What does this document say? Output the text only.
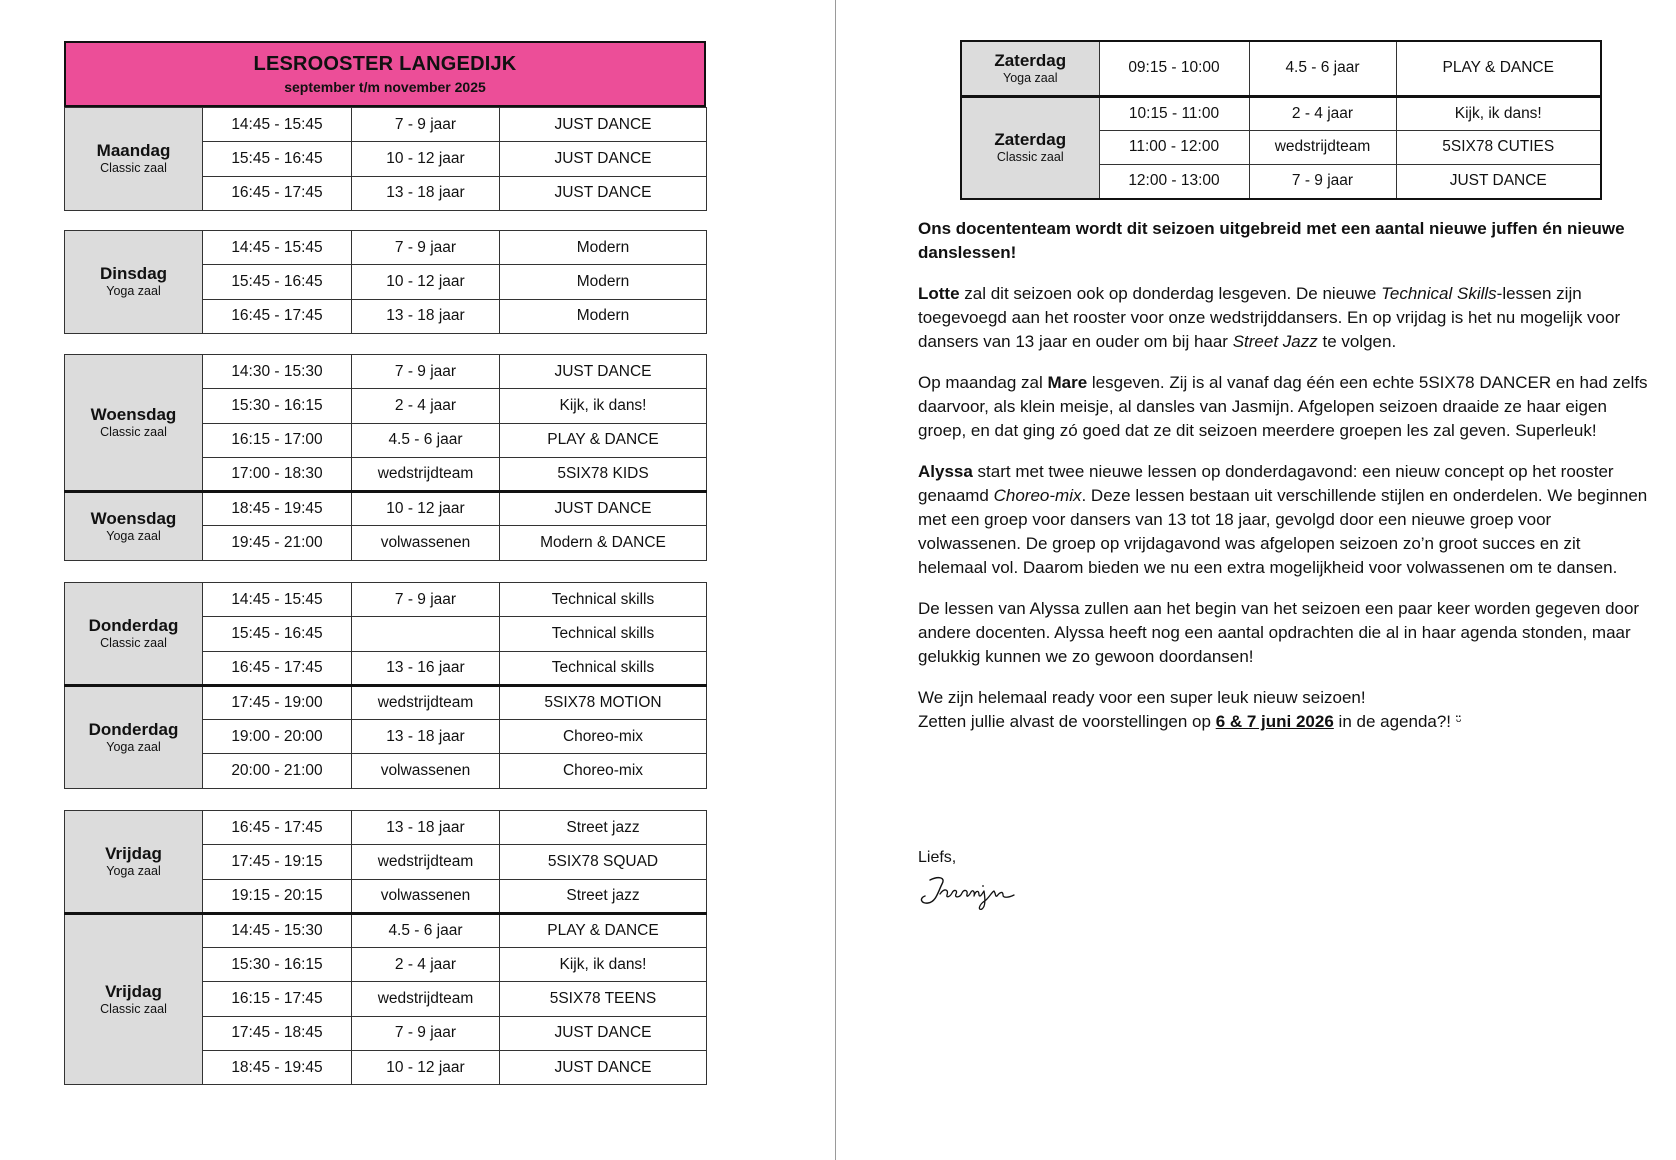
LESROOSTER LANGEDIJK
september t/m november 2025
Maandag
Classic zaal	14:45 - 15:45	7 - 9 jaar	JUST DANCE
	15:45 - 16:45	10 - 12 jaar	JUST DANCE
	16:45 - 17:45	13 - 18 jaar	JUST DANCE
Dinsdag
Yoga zaal	14:45 - 15:45	7 - 9 jaar	Modern
	15:45 - 16:45	10 - 12 jaar	Modern
	16:45 - 17:45	13 - 18 jaar	Modern
Woensdag
Classic zaal	14:30 - 15:30	7 - 9 jaar	JUST DANCE
	15:30 - 16:15	2 - 4 jaar	Kijk, ik dans!
	16:15 - 17:00	4.5 - 6 jaar	PLAY & DANCE
	17:00 - 18:30	wedstrijdteam	5SIX78 KIDS

Woensdag
Yoga zaal	18:45 - 19:45	10 - 12 jaar	JUST DANCE
	19:45 - 21:00	volwassenen	Modern & DANCE
Donderdag
Classic zaal	14:45 - 15:45	7 - 9 jaar	Technical skills
	15:45 - 16:45		Technical skills
	16:45 - 17:45	13 - 16 jaar	Technical skills

Donderdag
Yoga zaal	17:45 - 19:00	wedstrijdteam	5SIX78 MOTION
	19:00 - 20:00	13 - 18 jaar	Choreo-mix
	20:00 - 21:00	volwassenen	Choreo-mix
Vrijdag
Yoga zaal	16:45 - 17:45	13 - 18 jaar	Street jazz
	17:45 - 19:15	wedstrijdteam	5SIX78 SQUAD
	19:15 - 20:15	volwassenen	Street jazz

Vrijdag
Classic zaal	14:45 - 15:30	4.5 - 6 jaar	PLAY & DANCE
	15:30 - 16:15	2 - 4 jaar	Kijk, ik dans!
	16:15 - 17:45	wedstrijdteam	5SIX78 TEENS
	17:45 - 18:45	7 - 9 jaar	JUST DANCE
	18:45 - 19:45	10 - 12 jaar	JUST DANCE
Zaterdag
Yoga zaal	09:15 - 10:00	4.5 - 6 jaar	PLAY & DANCE

Zaterdag
Classic zaal	10:15 - 11:00	2 - 4 jaar	Kijk, ik dans!
	11:00 - 12:00	wedstrijdteam	5SIX78 CUTIES
	12:00 - 13:00	7 - 9 jaar	JUST DANCE

Ons docententeam wordt dit seizoen uitgebreid met een aantal nieuwe juffen én nieuwe danslessen!

Lotte zal dit seizoen ook op donderdag lesgeven. De nieuwe Technical Skills-lessen zijn toegevoegd aan het rooster voor onze wedstrijddansers. En op vrijdag is het nu mogelijk voor dansers van 13 jaar en ouder om bij haar Street Jazz te volgen.

Op maandag zal Mare lesgeven. Zij is al vanaf dag één een echte 5SIX78 DANCER en had zelfs daarvoor, als klein meisje, al dansles van Jasmijn. Afgelopen seizoen draaide ze haar eigen groep, en dat ging zó goed dat ze dit seizoen meerdere groepen les zal geven. Superleuk!

Alyssa start met twee nieuwe lessen op donderdagavond: een nieuw concept op het rooster genaamd Choreo-mix. Deze lessen bestaan uit verschillende stijlen en onderdelen. We beginnen met een groep voor dansers van 13 tot 18 jaar, gevolgd door een nieuwe groep voor volwassenen. De groep op vrijdagavond was afgelopen seizoen zo’n groot succes en zit helemaal vol. Daarom bieden we nu een extra mogelijkheid voor volwassenen om te dansen.

De lessen van Alyssa zullen aan het begin van het seizoen een paar keer worden gegeven door andere docenten. Alyssa heeft nog een aantal opdrachten die al in haar agenda stonden, maar gelukkig kunnen we zo gewoon doordansen!

We zijn helemaal ready voor een super leuk nieuw seizoen!

Zetten jullie alvast de voorstellingen op 6 & 7 juni 2026 in de agenda?! ᵕ̈

Liefs,
